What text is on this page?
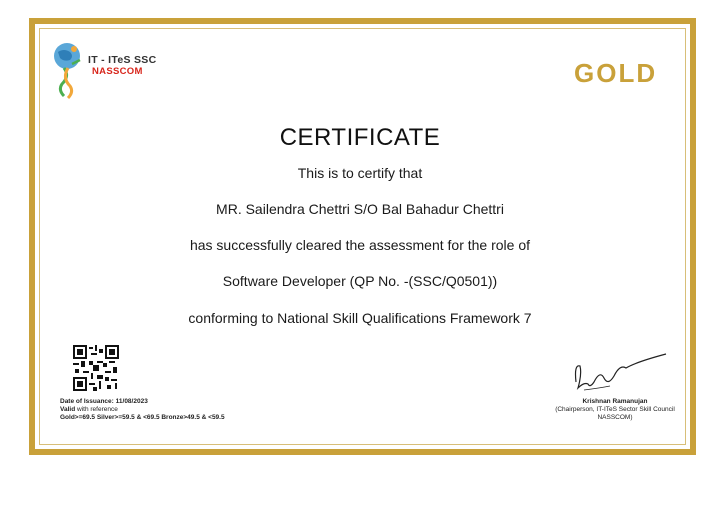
IT - ITeS SSC
NASSCOM	GOLD
CERTIFICATE
This is to certify that
MR. Sailendra Chettri S/O Bal Bahadur Chettri
has successfully cleared the assessment for the role of
Software Developer (QP No. -(SSC/Q0501))
conforming to National Skill Qualifications Framework 7
Date of Issuance: 11/08/2023
Valid with reference
Gold>=69.5 Silver>=59.5 & <69.5 Bronze>49.5 & <59.5
Krishnan Ramanujan
(Chairperson, IT-ITeS Sector Skill Council
NASSCOM)
